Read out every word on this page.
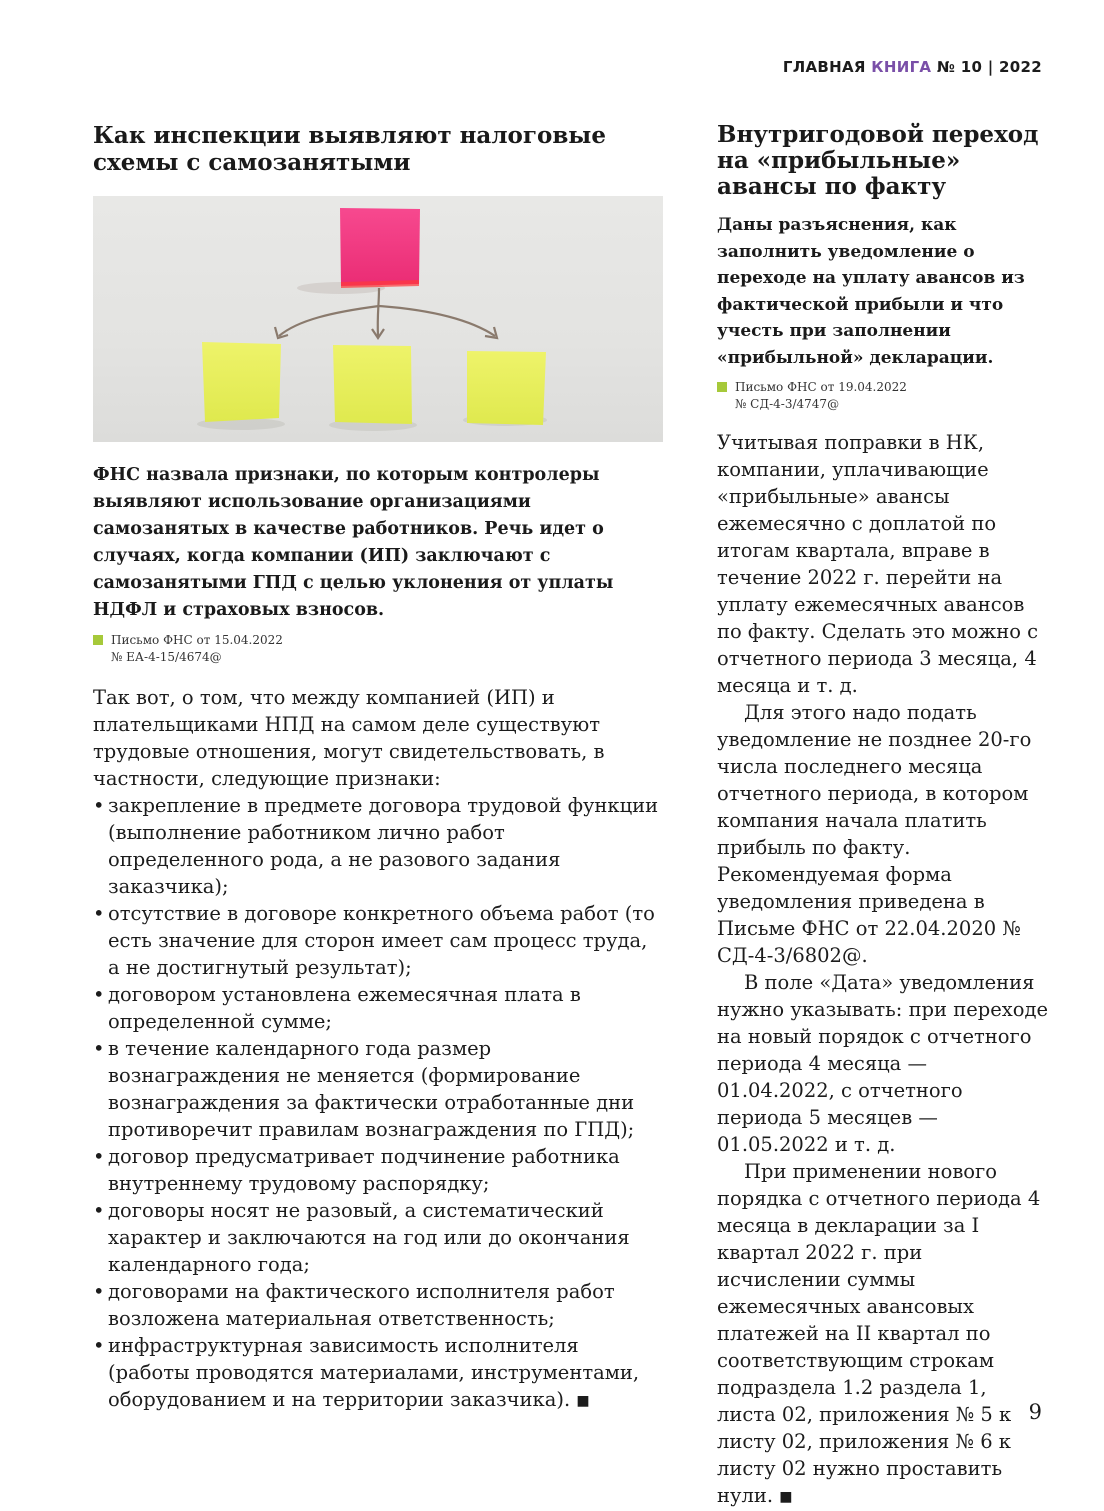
ГЛАВНАЯ КНИГА № 10 | 2022
Как инспекции выявляют налоговые
схемы с самозанятыми

ФНС назвала признаки, по которым контролеры выявляют использование организациями самозанятых в качестве работников. Речь идет о случаях, когда компании (ИП) заключают с самозанятыми ГПД с целью уклонения от уплаты НДФЛ и страховых взносов.

Письмо ФНС от 15.04.2022
№ ЕА-4-15/4674@

Так вот, о том, что между компанией (ИП) и плательщиками НПД на самом деле существуют трудовые отношения, могут свидетельствовать, в частности, следующие признаки:

• закрепление в предмете договора трудовой функции (выполнение работником лично работ определенного рода, а не разового задания заказчика);
• отсутствие в договоре конкретного объема работ (то есть значение для сторон имеет сам процесс труда, а не достигнутый результат);
• договором установлена ежемесячная плата в определенной сумме;
• в течение календарного года размер вознаграждения не меняется (формирование вознаграждения за фактически отработанные дни противоречит правилам вознаграждения по ГПД);
• договор предусматривает подчинение работника внутреннему трудовому распорядку;
• договоры носят не разовый, а систематический характер и заключаются на год или до окончания календарного года;
• договорами на фактического исполнителя работ возложена материальная ответственность;
• инфраструктурная зависимость исполнителя (работы проводятся материалами, инструментами, оборудованием и на территории заказчика). ■
Внутригодовой переход
на «прибыльные»
авансы по факту

Даны разъяснения, как заполнить уведомление о переходе на уплату авансов из фактической прибыли и что учесть при заполнении «прибыльной» декларации.

Письмо ФНС от 19.04.2022
№ СД-4-3/4747@

Учитывая поправки в НК, компании, уплачивающие «прибыльные» авансы ежемесячно с доплатой по итогам квартала, вправе в течение 2022 г. перейти на уплату ежемесячных авансов по факту. Сделать это можно с отчетного периода 3 месяца, 4 месяца и т. д.

Для этого надо подать уведомление не позднее 20-го числа последнего месяца отчетного периода, в котором компания начала платить прибыль по факту. Рекомендуемая форма уведомления приведена в Письме ФНС от 22.04.2020 № СД-4-3/6802@.

В поле «Дата» уведомления нужно указывать: при переходе на новый порядок с отчетного периода 4 месяца — 01.04.2022, с отчетного периода 5 месяцев — 01.05.2022 и т. д.

При применении нового порядка с отчетного периода 4 месяца в декларации за I квартал 2022 г. при исчислении суммы ежемесячных авансовых платежей на II квартал по соответствующим строкам подраздела 1.2 раздела 1, листа 02, приложения № 5 к листу 02, приложения № 6 к листу 02 нужно проставить нули. ■

9
